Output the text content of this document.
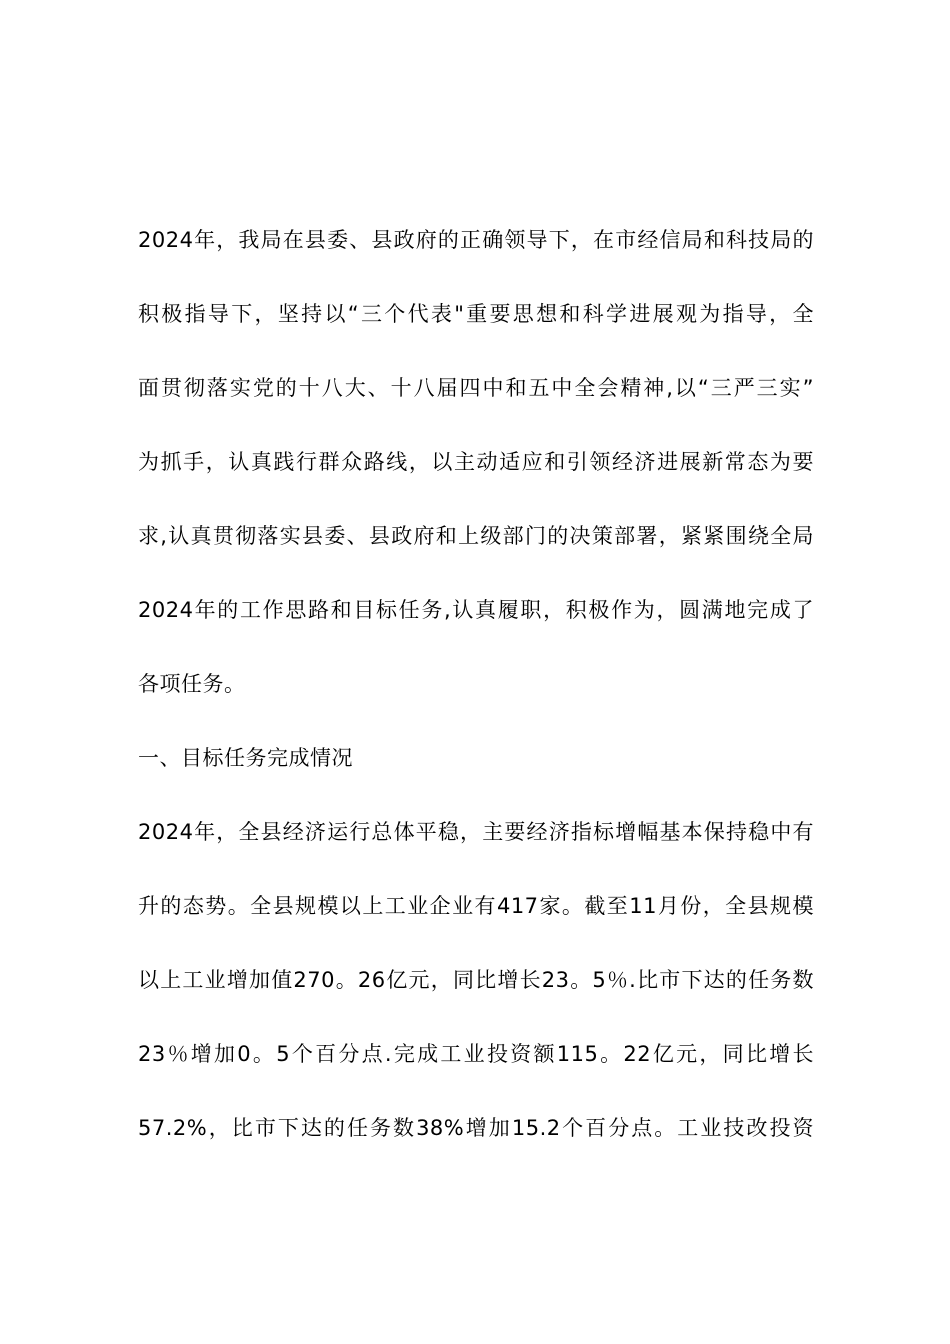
2024年，我局在县委、县政府的正确领导下，在市经信局和科技局的
积极指导下，坚持以“三个代表"重要思想和科学进展观为指导，全
面贯彻落实党的十八大、十八届四中和五中全会精神,以“三严三实”
为抓手，认真践行群众路线，以主动适应和引领经济进展新常态为要
求,认真贯彻落实县委、县政府和上级部门的决策部署，紧紧围绕全局
2024年的工作思路和目标任务,认真履职，积极作为，圆满地完成了
各项任务。
一、目标任务完成情况
2024年，全县经济运行总体平稳，主要经济指标增幅基本保持稳中有
升的态势。全县规模以上工业企业有417家。截至11月份，全县规模
以上工业增加值270。26亿元，同比增长23。5％.比市下达的任务数
23％增加0。5个百分点.完成工业投资额115。22亿元，同比增长
57.2%，比市下达的任务数38%增加15.2个百分点。工业技改投资
